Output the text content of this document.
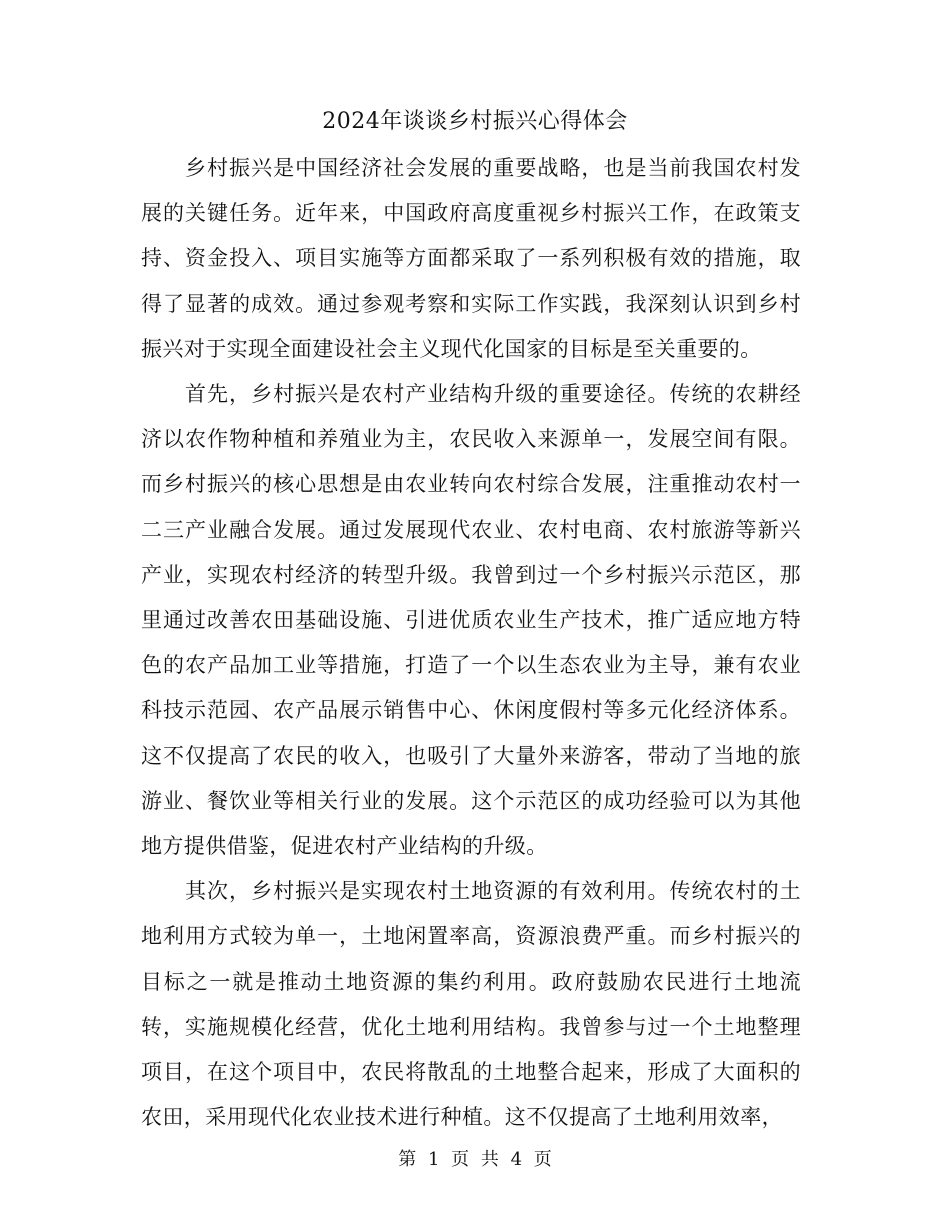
2024年谈谈乡村振兴心得体会

乡村振兴是中国经济社会发展的重要战略，也是当前我国农村发展的关键任务。近年来，中国政府高度重视乡村振兴工作，在政策支持、资金投入、项目实施等方面都采取了一系列积极有效的措施，取得了显著的成效。通过参观考察和实际工作实践，我深刻认识到乡村振兴对于实现全面建设社会主义现代化国家的目标是至关重要的。

首先，乡村振兴是农村产业结构升级的重要途径。传统的农耕经济以农作物种植和养殖业为主，农民收入来源单一，发展空间有限。而乡村振兴的核心思想是由农业转向农村综合发展，注重推动农村一二三产业融合发展。通过发展现代农业、农村电商、农村旅游等新兴产业，实现农村经济的转型升级。我曾到过一个乡村振兴示范区，那里通过改善农田基础设施、引进优质农业生产技术，推广适应地方特色的农产品加工业等措施，打造了一个以生态农业为主导，兼有农业科技示范园、农产品展示销售中心、休闲度假村等多元化经济体系。这不仅提高了农民的收入，也吸引了大量外来游客，带动了当地的旅游业、餐饮业等相关行业的发展。这个示范区的成功经验可以为其他地方提供借鉴，促进农村产业结构的升级。

其次，乡村振兴是实现农村土地资源的有效利用。传统农村的土地利用方式较为单一，土地闲置率高，资源浪费严重。而乡村振兴的目标之一就是推动土地资源的集约利用。政府鼓励农民进行土地流转，实施规模化经营，优化土地利用结构。我曾参与过一个土地整理项目，在这个项目中，农民将散乱的土地整合起来，形成了大面积的农田，采用现代化农业技术进行种植。这不仅提高了土地利用效率，

第 1 页 共 4 页
